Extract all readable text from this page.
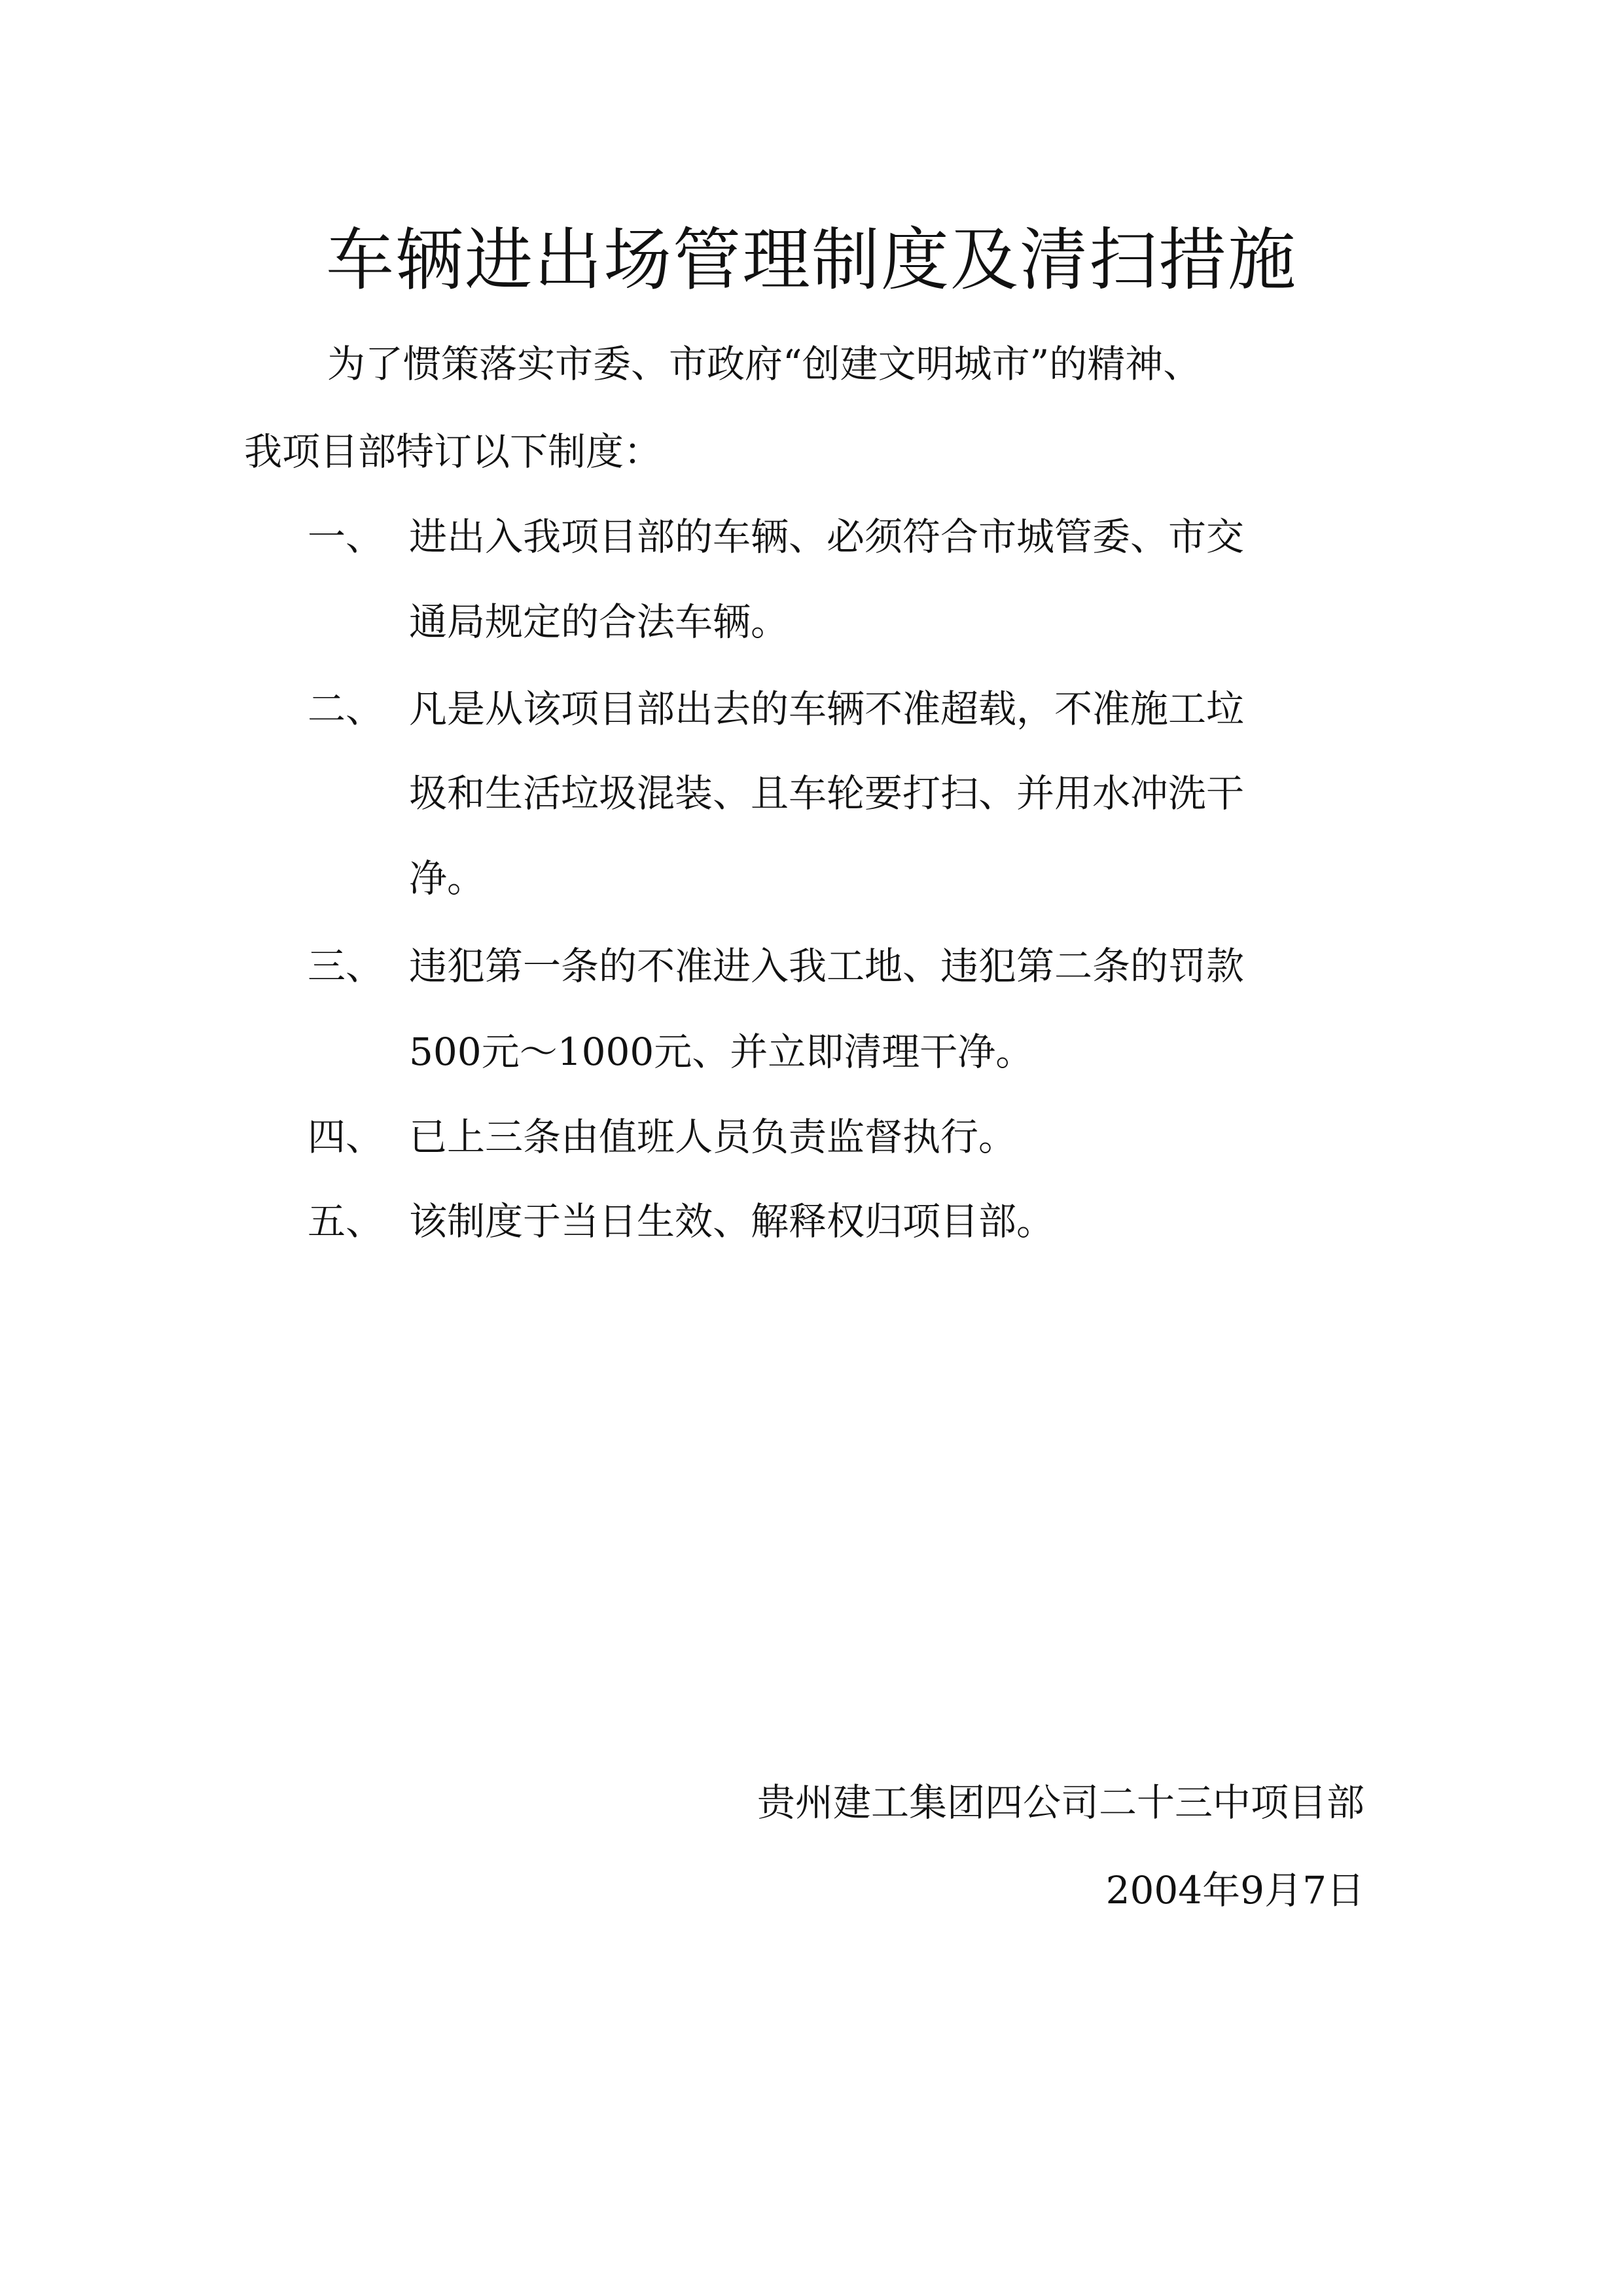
车辆进出场管理制度及清扫措施
为了惯策落实市委、市政府“创建文明城市”的精神、
我项目部特订以下制度：
一、 进出入我项目部的车辆、必须符合市城管委、市交
通局规定的合法车辆。
二、 凡是从该项目部出去的车辆不准超载，不准施工垃
圾和生活垃圾混装、且车轮要打扫、并用水冲洗干
净。
三、 违犯第一条的不准进入我工地、违犯第二条的罚款
500元～1000元、并立即清理干净。
四、 已上三条由值班人员负责监督执行。
五、 该制度于当日生效、解释权归项目部。
贵州建工集团四公司二十三中项目部
2004年9月7日
